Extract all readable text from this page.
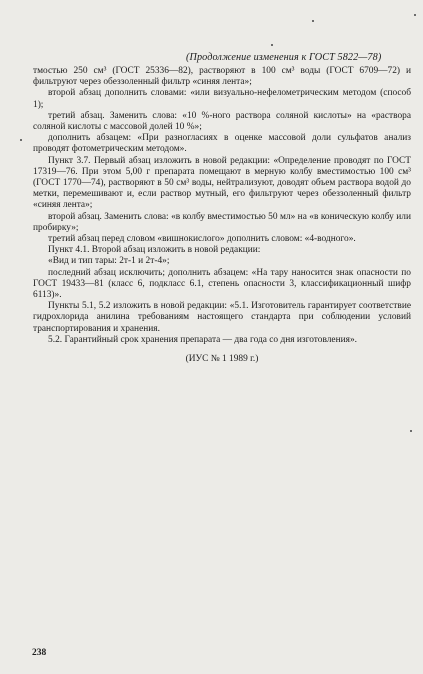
(Продолжение изменения к ГОСТ 5822—78)

тмостью 250 см³ (ГОСТ 25336—82), растворяют в 100 см³ воды (ГОСТ 6709—72) и фильтруют через обеззоленный фильтр «синяя лента»;

второй абзац дополнить словами: «или визуально-нефелометрическим методом (способ 1);

третий абзац. Заменить слова: «10 %-ного раствора соляной кислоты» на «раствора соляной кислоты с массовой долей 10 %»;

дополнить абзацем: «При разногласиях в оценке массовой доли сульфатов анализ проводят фотометрическим методом».

Пункт 3.7. Первый абзац изложить в новой редакции: «Определение проводят по ГОСТ 17319—76. При этом 5,00 г препарата помещают в мерную колбу вместимостью 100 см³ (ГОСТ 1770—74), растворяют в 50 см³ воды, нейтрализуют, доводят объем раствора водой до метки, перемешивают и, если раствор мутный, его фильтруют через обеззоленный фильтр «синяя лента»;

второй абзац. Заменить слова: «в колбу вместимостью 50 мл» на «в коническую колбу или пробирку»;

третий абзац перед словом «вишнокислого» дополнить словом: «4-водного».

Пункт 4.1. Второй абзац изложить в новой редакции:

«Вид и тип тары: 2т-1 и 2т-4»;

последний абзац исключить; дополнить абзацем: «На тару наносится знак опасности по ГОСТ 19433—81 (класс 6, подкласс 6.1, степень опасности 3, классификационный шифр 6113)».

Пункты 5.1, 5.2 изложить в новой редакции: «5.1. Изготовитель гарантирует соответствие гидрохлорида анилина требованиям настоящего стандарта при соблюдении условий транспортирования и хранения.

5.2. Гарантийный срок хранения препарата — два года со дня изготовления».

(ИУС № 1 1989 г.)

238
